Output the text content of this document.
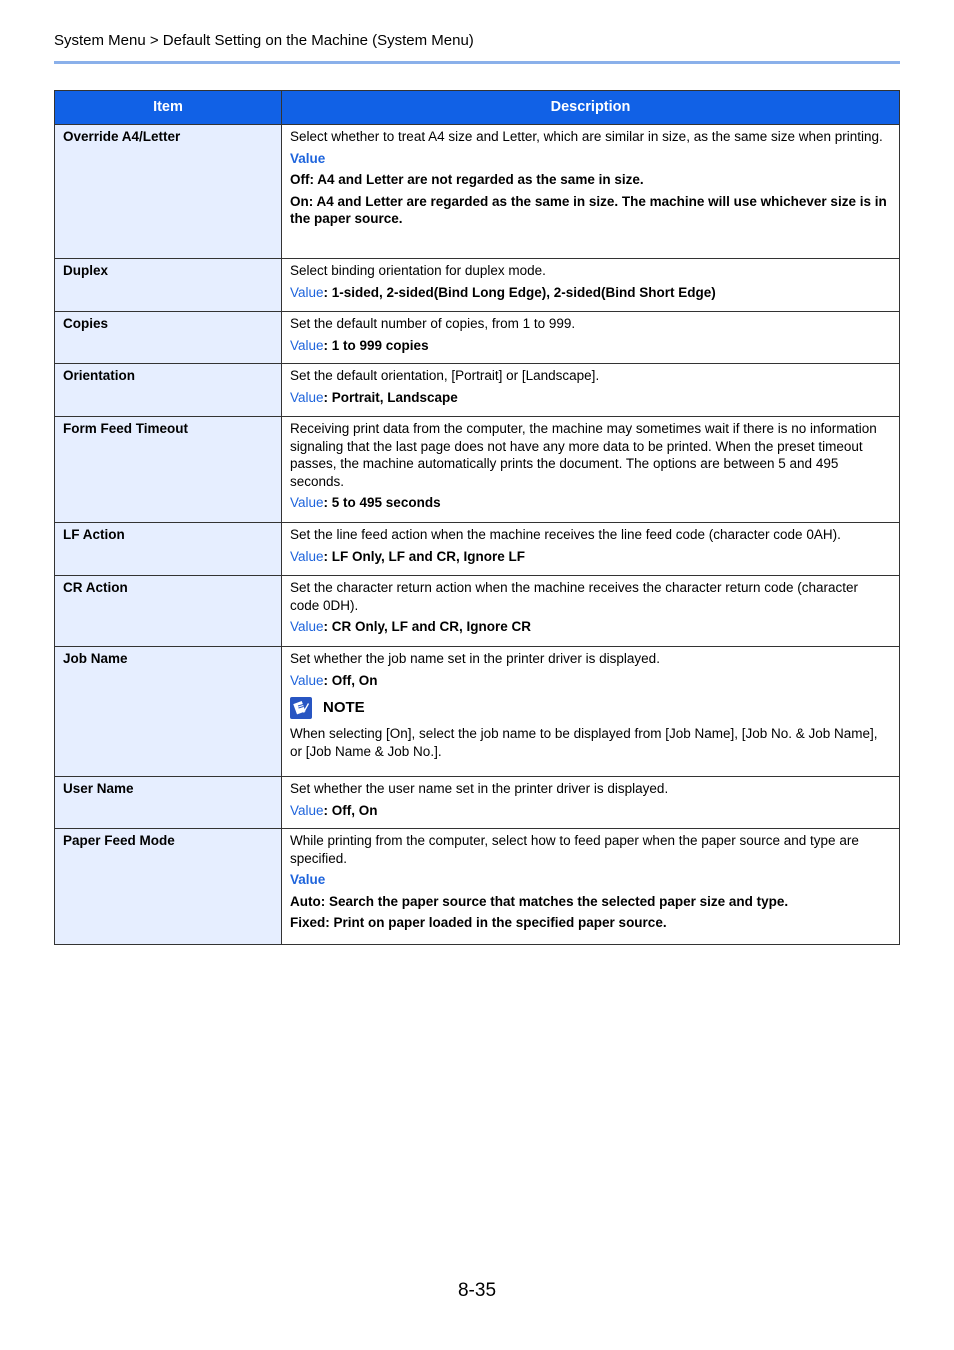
System Menu > Default Setting on the Machine (System Menu)
Item	Description
Override A4/Letter	Select whether to treat A4 size and Letter, which are similar in size, as the same size when printing.

Value

Off: A4 and Letter are not regarded as the same in size.

On: A4 and Letter are regarded as the same in size. The machine will use whichever size is in the paper source.

Duplex	Select binding orientation for duplex mode.

Value: 1-sided, 2-sided(Bind Long Edge), 2-sided(Bind Short Edge)

Copies	Set the default number of copies, from 1 to 999.

Value: 1 to 999 copies

Orientation	Set the default orientation, [Portrait] or [Landscape].

Value: Portrait, Landscape

Form Feed Timeout	Receiving print data from the computer, the machine may sometimes wait if there is no information signaling that the last page does not have any more data to be printed. When the preset timeout passes, the machine automatically prints the document. The options are between 5 and 495 seconds.

Value: 5 to 495 seconds

LF Action	Set the line feed action when the machine receives the line feed code (character code 0AH).

Value: LF Only, LF and CR, Ignore LF

CR Action	Set the character return action when the machine receives the character return code (character code 0DH).

Value: CR Only, LF and CR, Ignore CR

Job Name	Set whether the job name set in the printer driver is displayed.

Value: Off, On

NOTE

When selecting [On], select the job name to be displayed from [Job Name], [Job No. & Job Name], or [Job Name & Job No.].

User Name	Set whether the user name set in the printer driver is displayed.

Value: Off, On

Paper Feed Mode	While printing from the computer, select how to feed paper when the paper source and type are specified.

Value

Auto: Search the paper source that matches the selected paper size and type.

Fixed: Print on paper loaded in the specified paper source.

8-35
